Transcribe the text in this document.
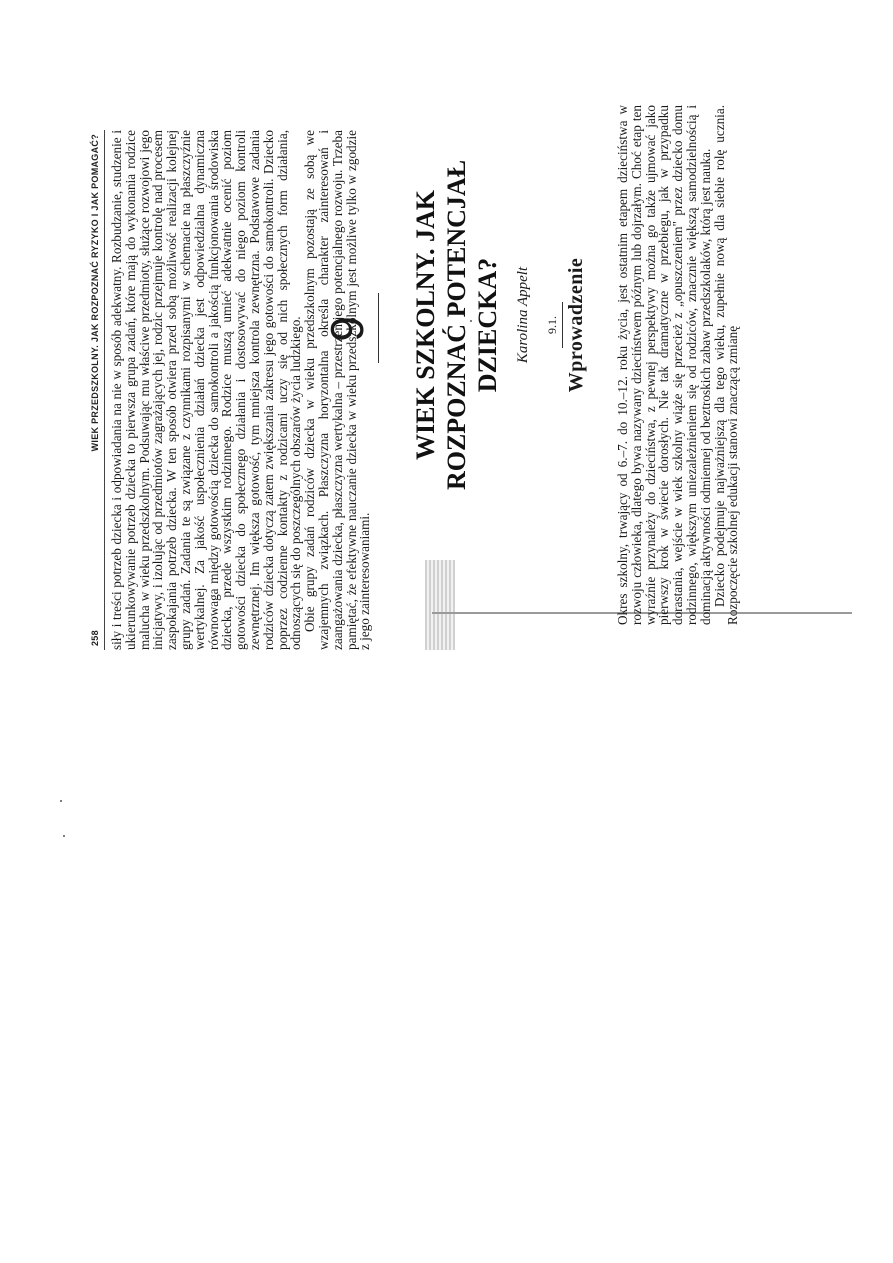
258
WIEK PRZEDSZKOLNY. JAK ROZPOZNAĆ RYZYKO I JAK POMAGAĆ? siły i treści potrzeb dziecka i odpowiadania na nie w sposób adekwatny. Rozbudzanie, studzenie i ukierunkowywanie potrzeb dziecka to pierwsza grupa zadań, które mają do wykonania rodzice malucha w wieku przedszkolnym. Podsuwając mu właściwe przedmioty, służące rozwojowi jego inicjatywy, i izolując od przedmiotów zagrażających jej, rodzic przejmuje kontrolę nad procesem zaspokajania potrzeb dziecka. W ten sposób otwiera przed sobą możliwość realizacji kolejnej grupy zadań. Zadania te są związane z czynnikami rozpisanymi w schemacie na płaszczyźnie wertykalnej. Za jakość uspołecznienia działań dziecka jest odpowiedzialna dynamiczna równowaga między gotowością dziecka do samokontroli a jakością funkcjonowania środowiska dziecka, przede wszystkim rodzinnego. Rodzice muszą umieć adekwatnie ocenić poziom gotowości dziecka do społecznego działania i dostosowywać do niego poziom kontroli zewnętrznej. Im większa gotowość, tym mniejsza kontrola zewnętrzna. Podstawowe zadania rodziców dziecka dotyczą zatem zwiększania zakresu jego gotowości do samokontroli. Dziecko poprzez codzienne kontakty z rodzicami uczy się od nich społecznych form działania, odnoszących się do poszczególnych obszarów życia ludzkiego.

Obie grupy zadań rodziców dziecka w wieku przedszkolnym pozostają ze sobą we wzajemnych związkach. Płaszczyzna horyzontalna określa charakter zainteresowań i zaangażowania dziecka, płaszczyzna wertykalna – przestrzeń jego potencjalnego rozwoju. Trzeba pamiętać, że efektywne nauczanie dziecka w wieku przedszkolnym jest możliwe tylko w zgodzie z jego zainteresowaniami.

9 WIEK SZKOLNY. JAK ROZPOZNAĆ POTENCJAŁ DZIECKA? Karolina Appelt 9.1. Wprowadzenie Okres szkolny, trwający od 6.–7. do 10.–12. roku życia, jest ostatnim etapem dzieciństwa w rozwoju człowieka, dlatego bywa nazywany dzieciństwem późnym lub dojrzałym. Choć etap ten wyraźnie przynależy do dzieciństwa, z pewnej perspektywy można go także ujmować jako pierwszy krok w świecie dorosłych. Nie tak dramatyczne w przebiegu, jak w przypadku dorastania, wejście w wiek szkolny wiąże się przecież z „opuszczeniem" przez dziecko domu rodzinnego, większym uniezależnieniem się od rodziców, znacznie większą samodzielnością i dominacją aktywności odmiennej od beztroskich zabaw przedszkolaków, którą jest nauka.

Dziecko podejmuje najważniejszą dla tego wieku, zupełnie nową dla siebie rolę ucznia. Rozpoczęcie szkolnej edukacji stanowi znaczącą zmianę
